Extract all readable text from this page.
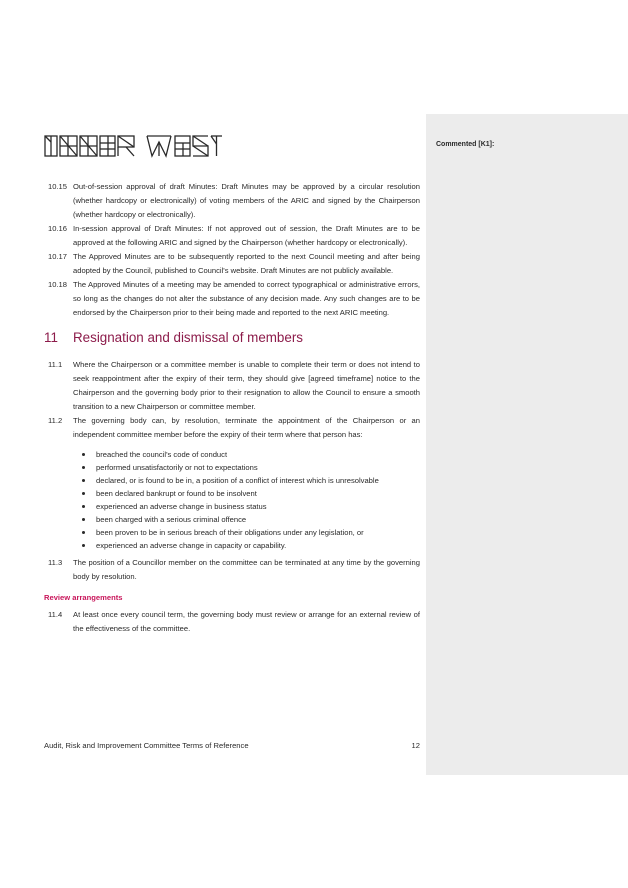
Commented [K1]:
10.15 Out-of-session approval of draft Minutes: Draft Minutes may be approved by a circular resolution (whether hardcopy or electronically) of voting members of the ARIC and signed by the Chairperson (whether hardcopy or electronically).
10.16 In-session approval of Draft Minutes: If not approved out of session, the Draft Minutes are to be approved at the following ARIC and signed by the Chairperson (whether hardcopy or electronically).
10.17 The Approved Minutes are to be subsequently reported to the next Council meeting and after being adopted by the Council, published to Council's website. Draft Minutes are not publicly available.
10.18 The Approved Minutes of a meeting may be amended to correct typographical or administrative errors, so long as the changes do not alter the substance of any decision made. Any such changes are to be endorsed by the Chairperson prior to their being made and reported to the next ARIC meeting.
11 Resignation and dismissal of members
11.1 Where the Chairperson or a committee member is unable to complete their term or does not intend to seek reappointment after the expiry of their term, they should give [agreed timeframe] notice to the Chairperson and the governing body prior to their resignation to allow the Council to ensure a smooth transition to a new Chairperson or committee member.
11.2 The governing body can, by resolution, terminate the appointment of the Chairperson or an independent committee member before the expiry of their term where that person has:
breached the council's code of conduct
performed unsatisfactorily or not to expectations
declared, or is found to be in, a position of a conflict of interest which is unresolvable
been declared bankrupt or found to be insolvent
experienced an adverse change in business status
been charged with a serious criminal offence
been proven to be in serious breach of their obligations under any legislation, or
experienced an adverse change in capacity or capability.
11.3 The position of a Councillor member on the committee can be terminated at any time by the governing body by resolution.
Review arrangements
11.4 At least once every council term, the governing body must review or arrange for an external review of the effectiveness of the committee.
Audit, Risk and Improvement Committee Terms of Reference	12
